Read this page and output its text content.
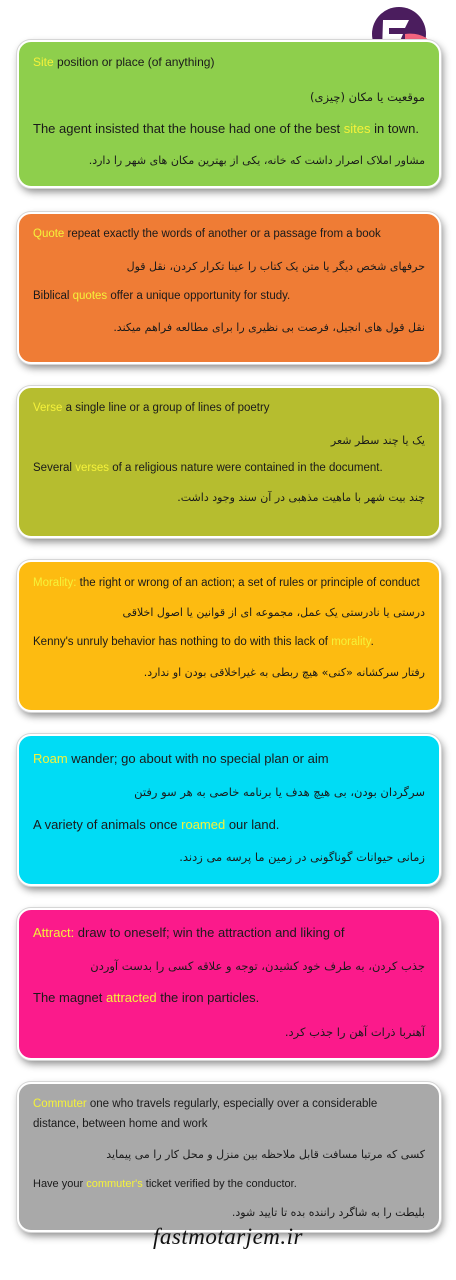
Site position or place (of anything)
موقعیت یا مکان (چیزی)
The agent insisted that the house had one of the best sites in town.
مشاور املاک اصرار داشت که خانه، یکی از بهترین مکان های شهر را دارد.
Quote repeat exactly the words of another or a passage from a book
حرفهای شخص دیگر یا متن یک کتاب را عینا تکرار کردن، نقل قول
Biblical quotes offer a unique opportunity for study.
نقل قول های انجیل، فرصت بی نظیری را برای مطالعه فراهم میکند.
Verse a single line or a group of lines of poetry
یک یا چند سطر شعر
Several verses of a religious nature were contained in the document.
چند بیت شهر با ماهیت مذهبی در آن سند وجود داشت.
Morality: the right or wrong of an action; a set of rules or principle of conduct
درستی یا نادرستی یک عمل، مجموعه ای از قوانین یا اصول اخلاقی
Kenny's unruly behavior has nothing to do with this lack of morality.
رفتار سرکشانه «کنی» هیچ ربطی به غیراخلاقی بودن او ندارد.
Roam wander; go about with no special plan or aim
سرگردان بودن، بی هیچ هدف یا برنامه خاصی به هر سو رفتن
A variety of animals once roamed our land.
زمانی حیوانات گوناگونی در زمین ما پرسه می زدند.
Attract: draw to oneself; win the attraction and liking of
جذب کردن، به طرف خود کشیدن، توجه و علاقه کسی را بدست آوردن
The magnet attracted the iron particles.
آهنربا ذرات آهن را جذب کرد.
Commuter one who travels regularly, especially over a considerable distance, between home and work
کسی که مرتبا مسافت قابل ملاحظه بین منزل و محل کار را می پیماید
Have your commuter's ticket verified by the conductor.
بلیطت را به شاگرد راننده بده تا تایید شود.
fastmotarjem.ir
